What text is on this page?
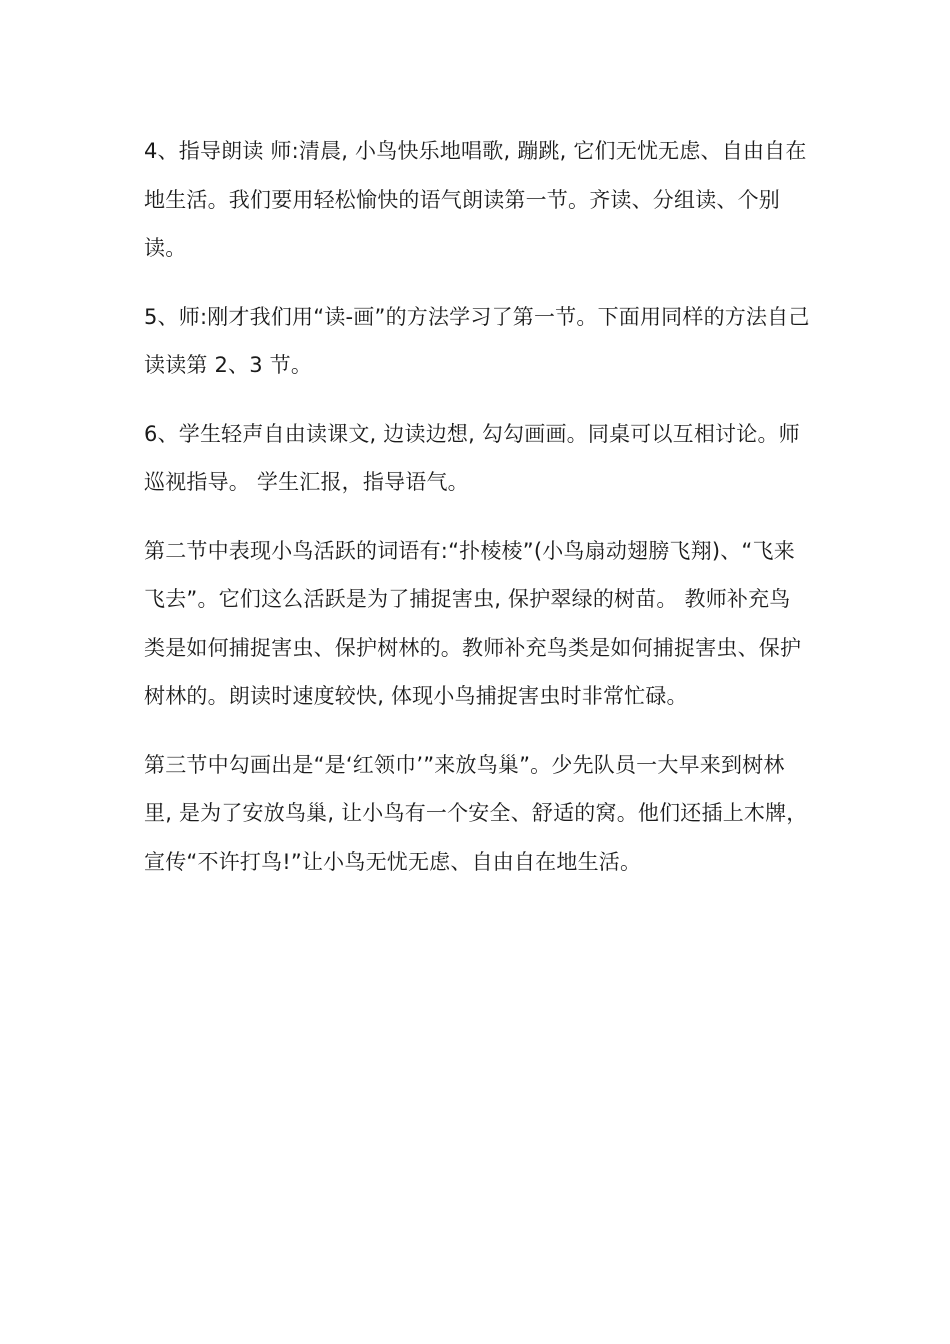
4、指导朗读 师:清晨, 小鸟快乐地唱歌, 蹦跳, 它们无忧无虑、自由自在地生活。我们要用轻松愉快的语气朗读第一节。齐读、分组读、个别读。

5、师:刚才我们用“读-画”的方法学习了第一节。下面用同样的方法自己读读第 2、3 节。

6、学生轻声自由读课文, 边读边想, 勾勾画画。同桌可以互相讨论。师巡视指导。 学生汇报，指导语气。

第二节中表现小鸟活跃的词语有:“扑棱棱”(小鸟扇动翅膀飞翔)、“飞来飞去”。它们这么活跃是为了捕捉害虫, 保护翠绿的树苗。 教师补充鸟类是如何捕捉害虫、保护树林的。教师补充鸟类是如何捕捉害虫、保护树林的。朗读时速度较快, 体现小鸟捕捉害虫时非常忙碌。

第三节中勾画出是“是‘红领巾’”来放鸟巢”。少先队员一大早来到树林里, 是为了安放鸟巢, 让小鸟有一个安全、舒适的窝。他们还插上木牌，宣传“不许打鸟!”让小鸟无忧无虑、自由自在地生活。
